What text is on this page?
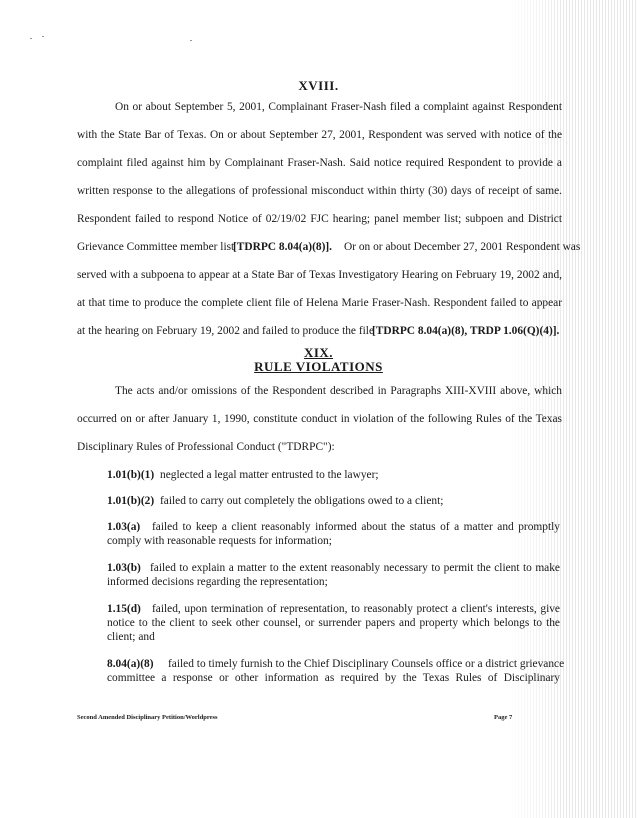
XVIII.
On or about September 5, 2001, Complainant Fraser-Nash filed a complaint against Respondent
with the State Bar of Texas. On or about September 27, 2001, Respondent was served with notice of the
complaint filed against him by Complainant Fraser-Nash. Said notice required Respondent to provide a
written response to the allegations of professional misconduct within thirty (30) days of receipt of same.
Respondent failed to respond Notice of 02/19/02 FJC hearing; panel member list; subpoen and District
Grievance Committee member list
[TDRPC 8.04(a)(8)]. Or on or about December 27, 2001 Respondent was
served with a subpoena to appear at a State Bar of Texas Investigatory Hearing on February 19, 2002 and,
at that time to produce the complete client file of Helena Marie Fraser-Nash. Respondent failed to appear
at the hearing on February 19, 2002 and failed to produce the file
[TDRPC 8.04(a)(8), TRDP 1.06(Q)(4)].
XIX.
RULE VIOLATIONS
The acts and/or omissions of the Respondent described in Paragraphs XIII-XVIII above, which
occurred on or after January 1, 1990, constitute conduct in violation of the following Rules of the Texas
Disciplinary Rules of Professional Conduct ("TDRPC"):
1.01(b)(1) neglected a legal matter entrusted to the lawyer;
1.01(b)(2) failed to carry out completely the obligations owed to a client;
1.03(a) failed to keep a client reasonably informed about the status of a matter and promptly
comply with reasonable requests for information;
1.03(b) failed to explain a matter to the extent reasonably necessary to permit the client to make
informed decisions regarding the representation;
1.15(d) failed, upon termination of representation, to reasonably protect a client's interests, give
notice to the client to seek other counsel, or surrender papers and property which belongs to the
client; and
8.04(a)(8) failed to timely furnish to the Chief Disciplinary Counsels office or a district grievance
committee a response or other information as required by the Texas Rules of Disciplinary
Second Amended Disciplinary Petition/Worldpress	Page 7
